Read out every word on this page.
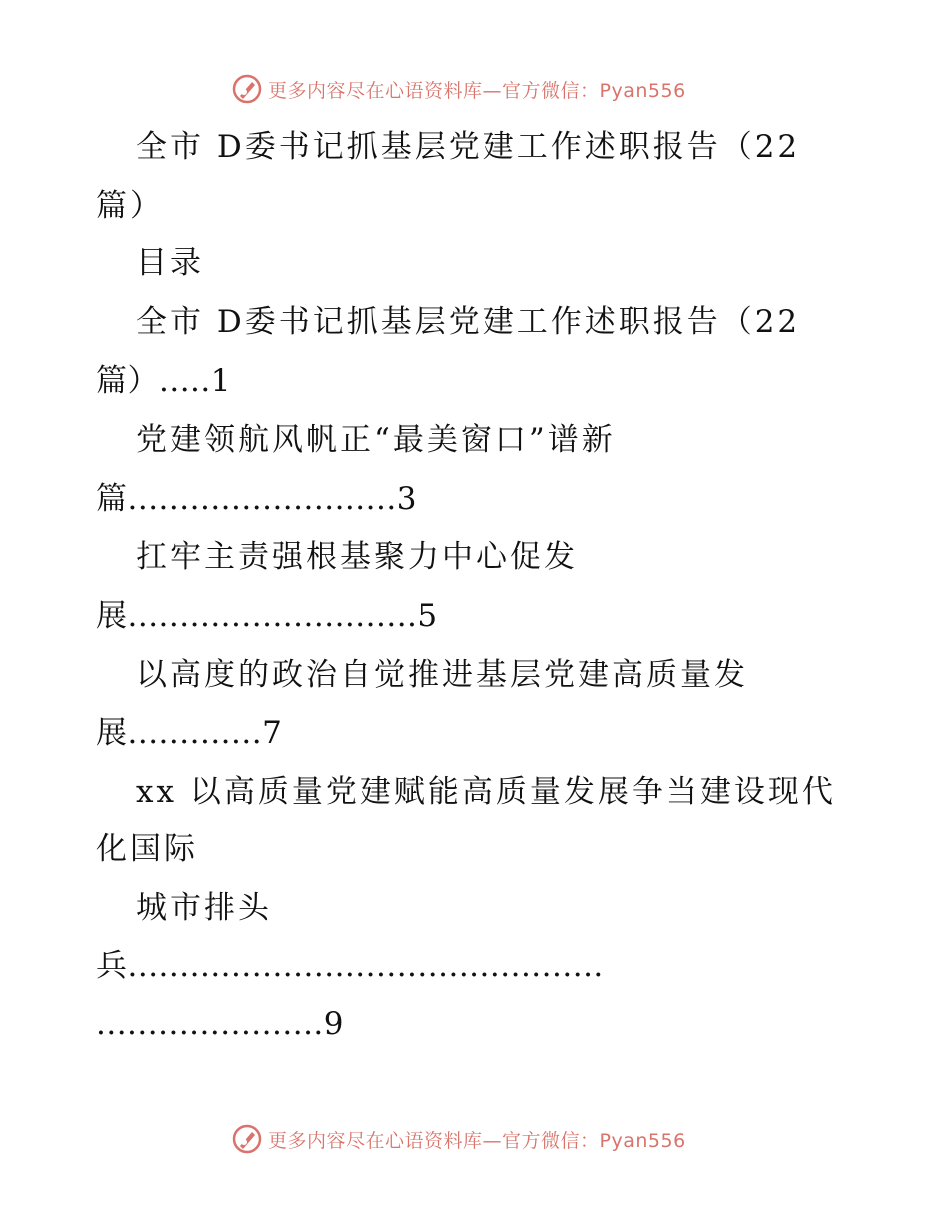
更多内容尽在心语资料库—官方微信：Pyan556
全市 D委书记抓基层党建工作述职报告（22
篇）
目录
全市 D委书记抓基层党建工作述职报告（22
篇）.....1
党建领航风帆正“最美窗口”谱新
篇..........................3
扛牢主责强根基聚力中心促发
展............................5
以高度的政治自觉推进基层党建高质量发
展.............7
xx 以高质量党建赋能高质量发展争当建设现代
化国际
城市排头
兵..............................................
......................9
更多内容尽在心语资料库—官方微信：Pyan556
